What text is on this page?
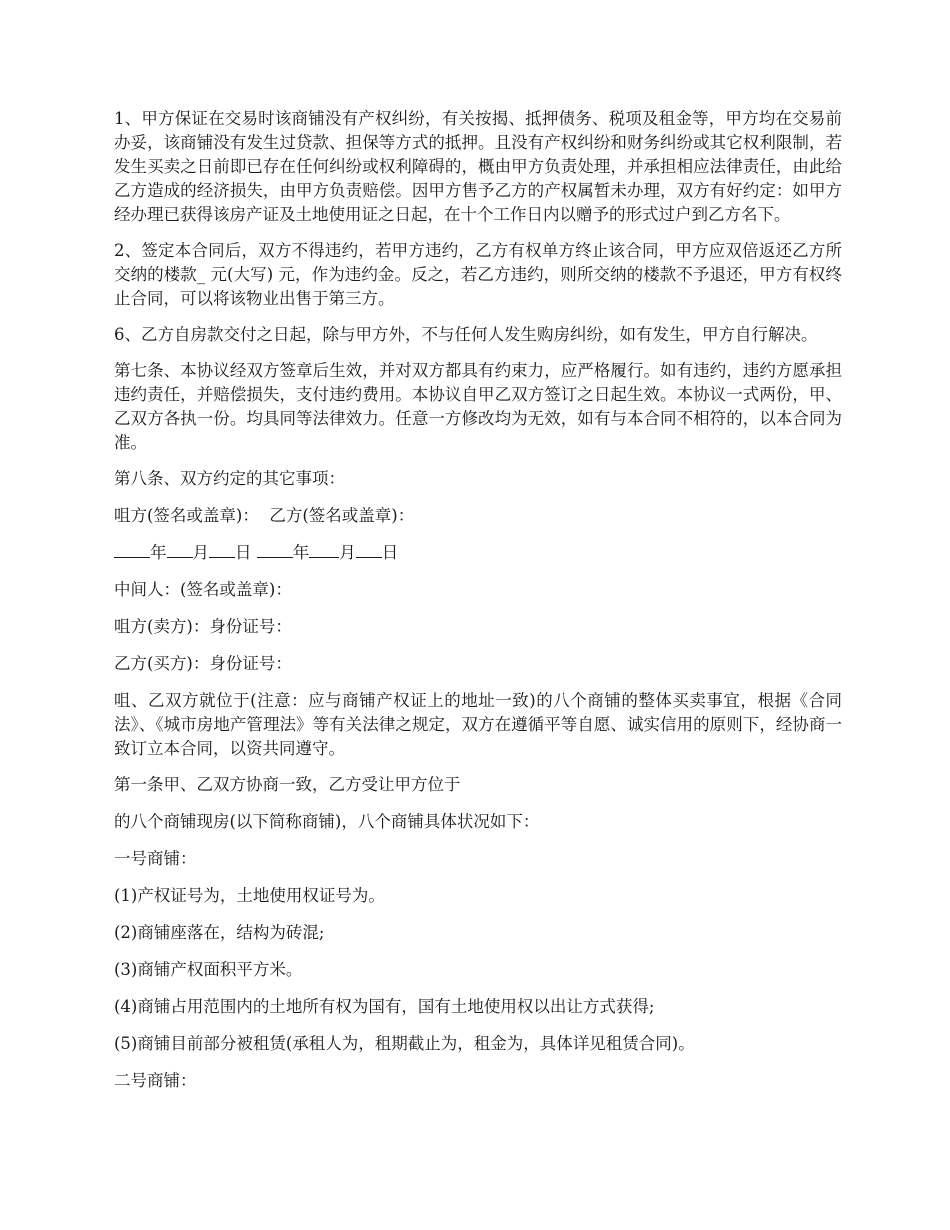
1、甲方保证在交易时该商铺没有产权纠纷，有关按揭、抵押债务、税项及租金等，甲方均在交易前办妥，该商铺没有发生过贷款、担保等方式的抵押。且没有产权纠纷和财务纠纷或其它权利限制，若发生买卖之日前即已存在任何纠纷或权利障碍的，概由甲方负责处理，并承担相应法律责任，由此给乙方造成的经济损失，由甲方负责赔偿。因甲方售予乙方的产权属暂未办理，双方有好约定：如甲方经办理已获得该房产证及土地使用证之日起，在十个工作日内以赠予的形式过户到乙方名下。

2、签定本合同后，双方不得违约，若甲方违约，乙方有权单方终止该合同，甲方应双倍返还乙方所交纳的楼款_ 元(大写) 元，作为违约金。反之，若乙方违约，则所交纳的楼款不予退还，甲方有权终止合同，可以将该物业出售于第三方。

6、乙方自房款交付之日起，除与甲方外，不与任何人发生购房纠纷，如有发生，甲方自行解决。

第七条、本协议经双方签章后生效，并对双方都具有约束力，应严格履行。如有违约，违约方愿承担违约责任，并赔偿损失，支付违约费用。本协议自甲乙双方签订之日起生效。本协议一式两份，甲、乙双方各执一份。均具同等法律效力。任意一方修改均为无效，如有与本合同不相符的，以本合同为准。

第八条、双方约定的其它事项：

咀方(签名或盖章)：  乙方(签名或盖章)：

年 月 日	年 月 日

中间人：(签名或盖章)：

咀方(卖方)：身份证号：

乙方(买方)：身份证号：

咀、乙双方就位于(注意：应与商铺产权证上的地址一致)的八个商铺的整体买卖事宜，根据《合同法》、《城市房地产管理法》等有关法律之规定，双方在遵循平等自愿、诚实信用的原则下，经协商一致订立本合同，以资共同遵守。

第一条甲、乙双方协商一致，乙方受让甲方位于

的八个商铺现房(以下简称商铺)，八个商铺具体状况如下：

一号商铺：

(1)产权证号为，土地使用权证号为。

(2)商铺座落在，结构为砖混;

(3)商铺产权面积平方米。

(4)商铺占用范围内的土地所有权为国有，国有土地使用权以出让方式获得;

(5)商铺目前部分被租赁(承租人为，租期截止为，租金为，具体详见租赁合同)。

二号商铺：
